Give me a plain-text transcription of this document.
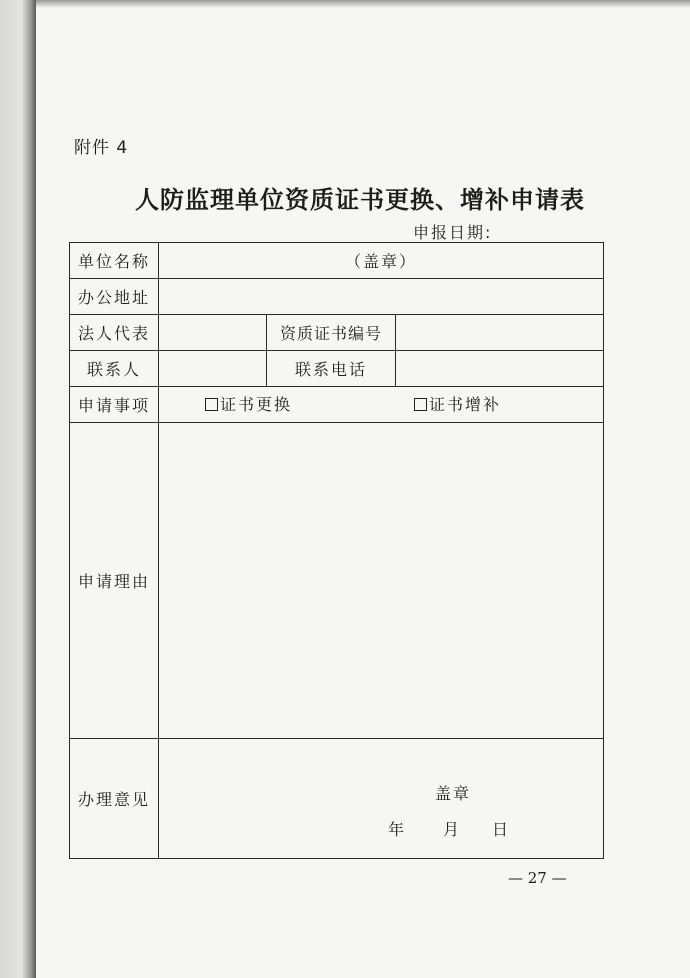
附件 4
人防监理单位资质证书更换、增补申请表
申报日期:
单位名称	（盖章）		
办公地址			
法人代表		资质证书编号	
联系人		联系电话	
申请事项	证书更换 证书增补		

申请理由			
办理意见	盖章
年 月 日		
— 27 —
